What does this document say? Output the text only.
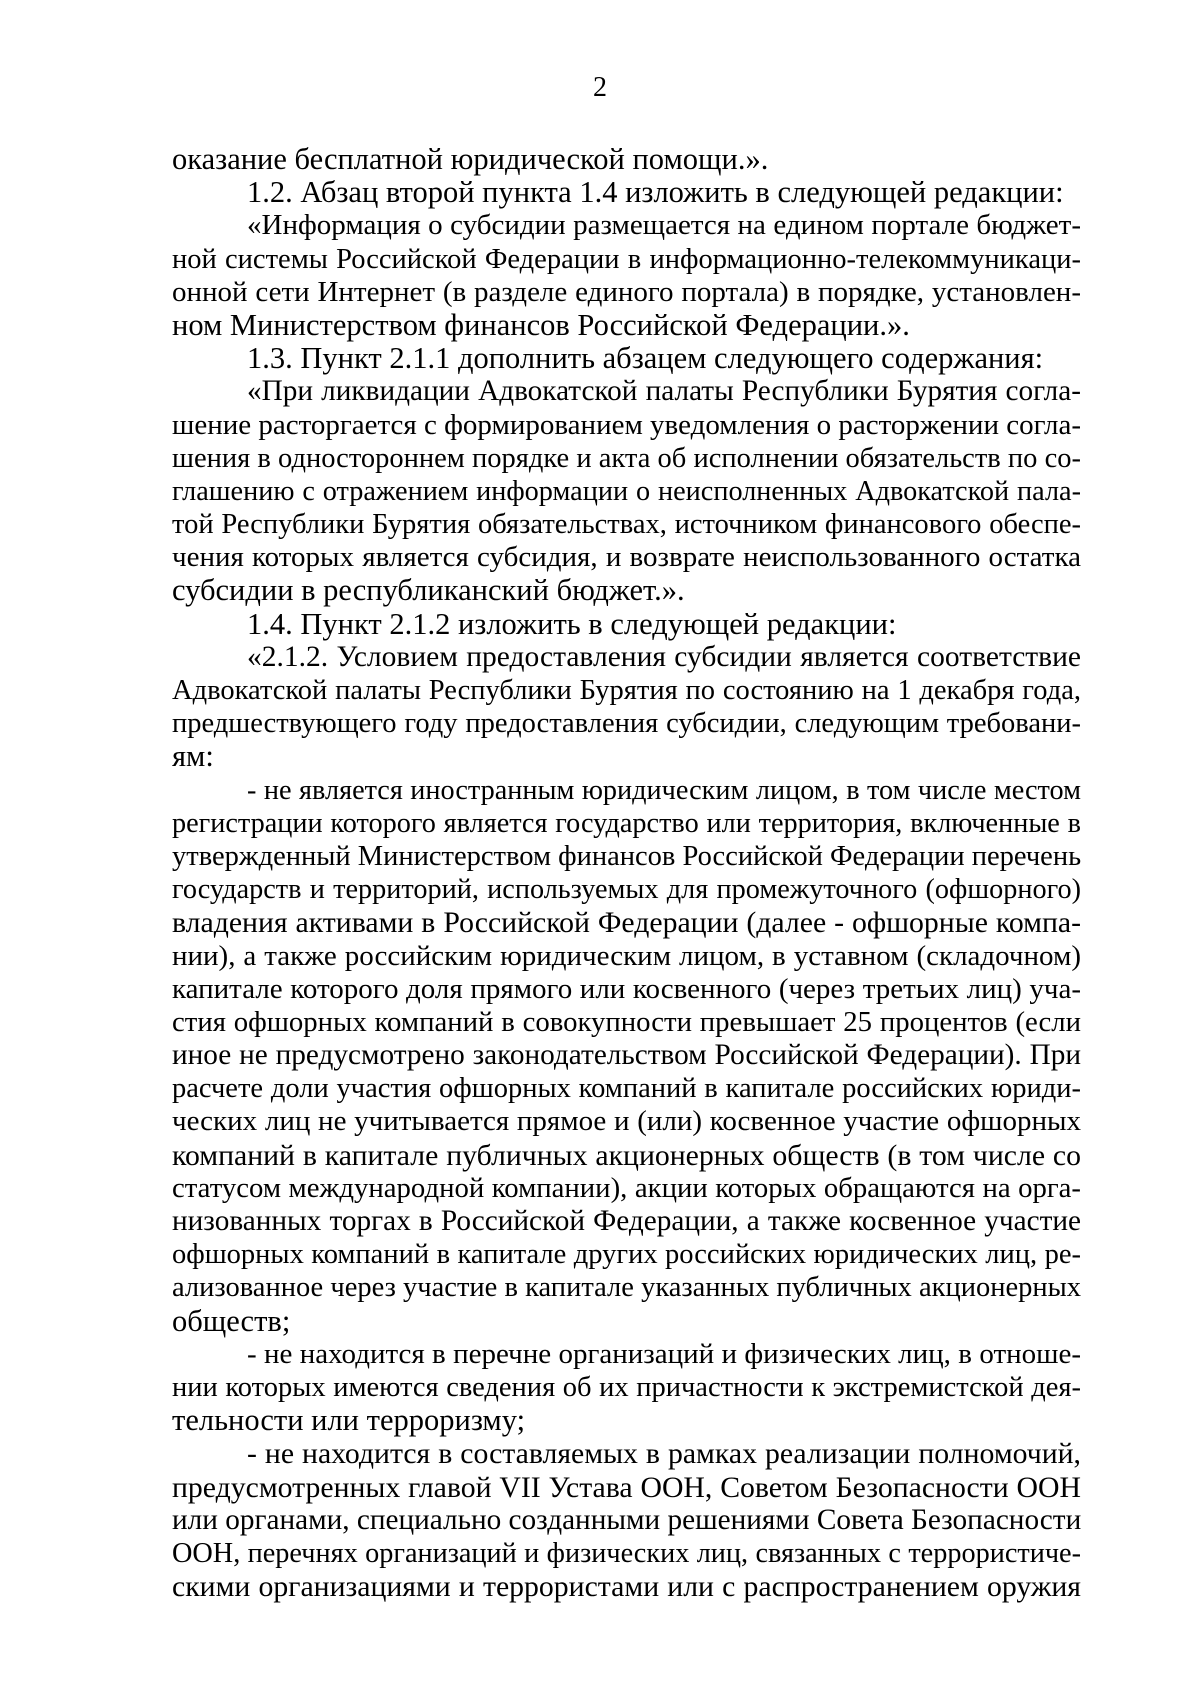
2
оказание бесплатной юридической помощи.».
1.2. Абзац второй пункта 1.4 изложить в следующей редакции:
«Информация о субсидии размещается на едином портале бюджет-
ной системы Российской Федерации в информационно-телекоммуникаци-
онной сети Интернет (в разделе единого портала) в порядке, установлен-
ном Министерством финансов Российской Федерации.».
1.3. Пункт 2.1.1 дополнить абзацем следующего содержания:
«При ликвидации Адвокатской палаты Республики Бурятия согла-
шение расторгается с формированием уведомления о расторжении согла-
шения в одностороннем порядке и акта об исполнении обязательств по со-
глашению с отражением информации о неисполненных Адвокатской пала-
той Республики Бурятия обязательствах, источником финансового обеспе-
чения которых является субсидия, и возврате неиспользованного остатка
субсидии в республиканский бюджет.».
1.4. Пункт 2.1.2 изложить в следующей редакции:
«2.1.2. Условием предоставления субсидии является соответствие
Адвокатской палаты Республики Бурятия по состоянию на 1 декабря года,
предшествующего году предоставления субсидии, следующим требовани-
ям:
- не является иностранным юридическим лицом, в том числе местом
регистрации которого является государство или территория, включенные в
утвержденный Министерством финансов Российской Федерации перечень
государств и территорий, используемых для промежуточного (офшорного)
владения активами в Российской Федерации (далее - офшорные компа-
нии), а также российским юридическим лицом, в уставном (складочном)
капитале которого доля прямого или косвенного (через третьих лиц) уча-
стия офшорных компаний в совокупности превышает 25 процентов (если
иное не предусмотрено законодательством Российской Федерации). При
расчете доли участия офшорных компаний в капитале российских юриди-
ческих лиц не учитывается прямое и (или) косвенное участие офшорных
компаний в капитале публичных акционерных обществ (в том числе со
статусом международной компании), акции которых обращаются на орга-
низованных торгах в Российской Федерации, а также косвенное участие
офшорных компаний в капитале других российских юридических лиц, ре-
ализованное через участие в капитале указанных публичных акционерных
обществ;
- не находится в перечне организаций и физических лиц, в отноше-
нии которых имеются сведения об их причастности к экстремистской дея-
тельности или терроризму;
- не находится в составляемых в рамках реализации полномочий,
предусмотренных главой VII Устава ООН, Советом Безопасности ООН
или органами, специально созданными решениями Совета Безопасности
ООН, перечнях организаций и физических лиц, связанных с террористиче-
скими организациями и террористами или с распространением оружия
